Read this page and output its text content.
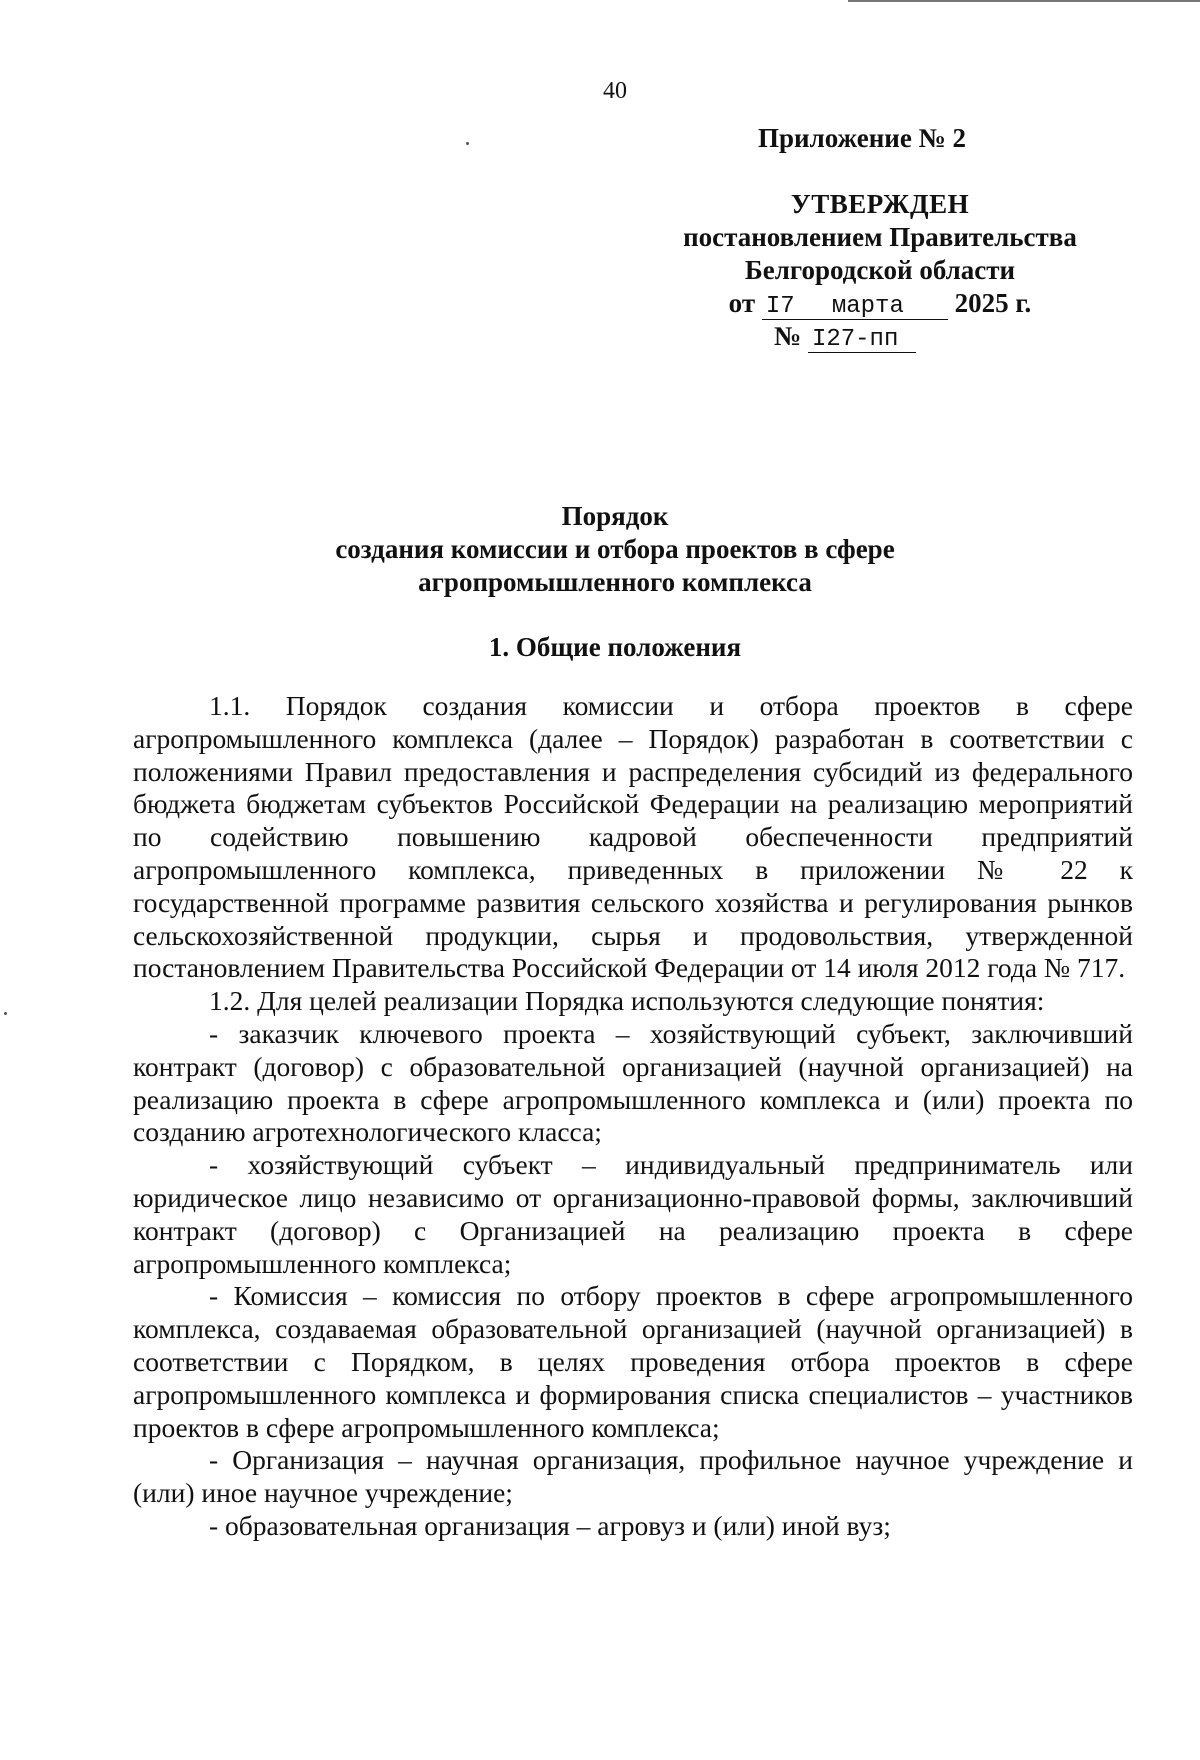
40
Приложение № 2
УТВЕРЖДЕН
постановлением Правительства
Белгородской области
от I7 марта 2025 г.
№ I27-пп
Порядок
создания комиссии и отбора проектов в сфере
агропромышленного комплекса
1. Общие положения

1.1. Порядок создания комиссии и отбора проектов в сфере агропромышленного комплекса (далее – Порядок) разработан в соответствии с положениями Правил предоставления и распределения субсидий из федерального бюджета бюджетам субъектов Российской Федерации на реализацию мероприятий по содействию повышению кадровой обеспеченности предприятий агропромышленного комплекса, приведенных в приложении № 22 к государственной программе развития сельского хозяйства и регулирования рынков сельскохозяйственной продукции, сырья и продовольствия, утвержденной постановлением Правительства Российской Федерации от 14 июля 2012 года № 717.

1.2. Для целей реализации Порядка используются следующие понятия:

- заказчик ключевого проекта – хозяйствующий субъект, заключивший контракт (договор) с образовательной организацией (научной организацией) на реализацию проекта в сфере агропромышленного комплекса и (или) проекта по созданию агротехнологического класса;

- хозяйствующий субъект – индивидуальный предприниматель или юридическое лицо независимо от организационно-правовой формы, заключивший контракт (договор) с Организацией на реализацию проекта в сфере агропромышленного комплекса;

- Комиссия – комиссия по отбору проектов в сфере агропромышленного комплекса, создаваемая образовательной организацией (научной организацией) в соответствии с Порядком, в целях проведения отбора проектов в сфере агропромышленного комплекса и формирования списка специалистов – участников проектов в сфере агропромышленного комплекса;

- Организация – научная организация, профильное научное учреждение и (или) иное научное учреждение;

- образовательная организация – агровуз и (или) иной вуз;
